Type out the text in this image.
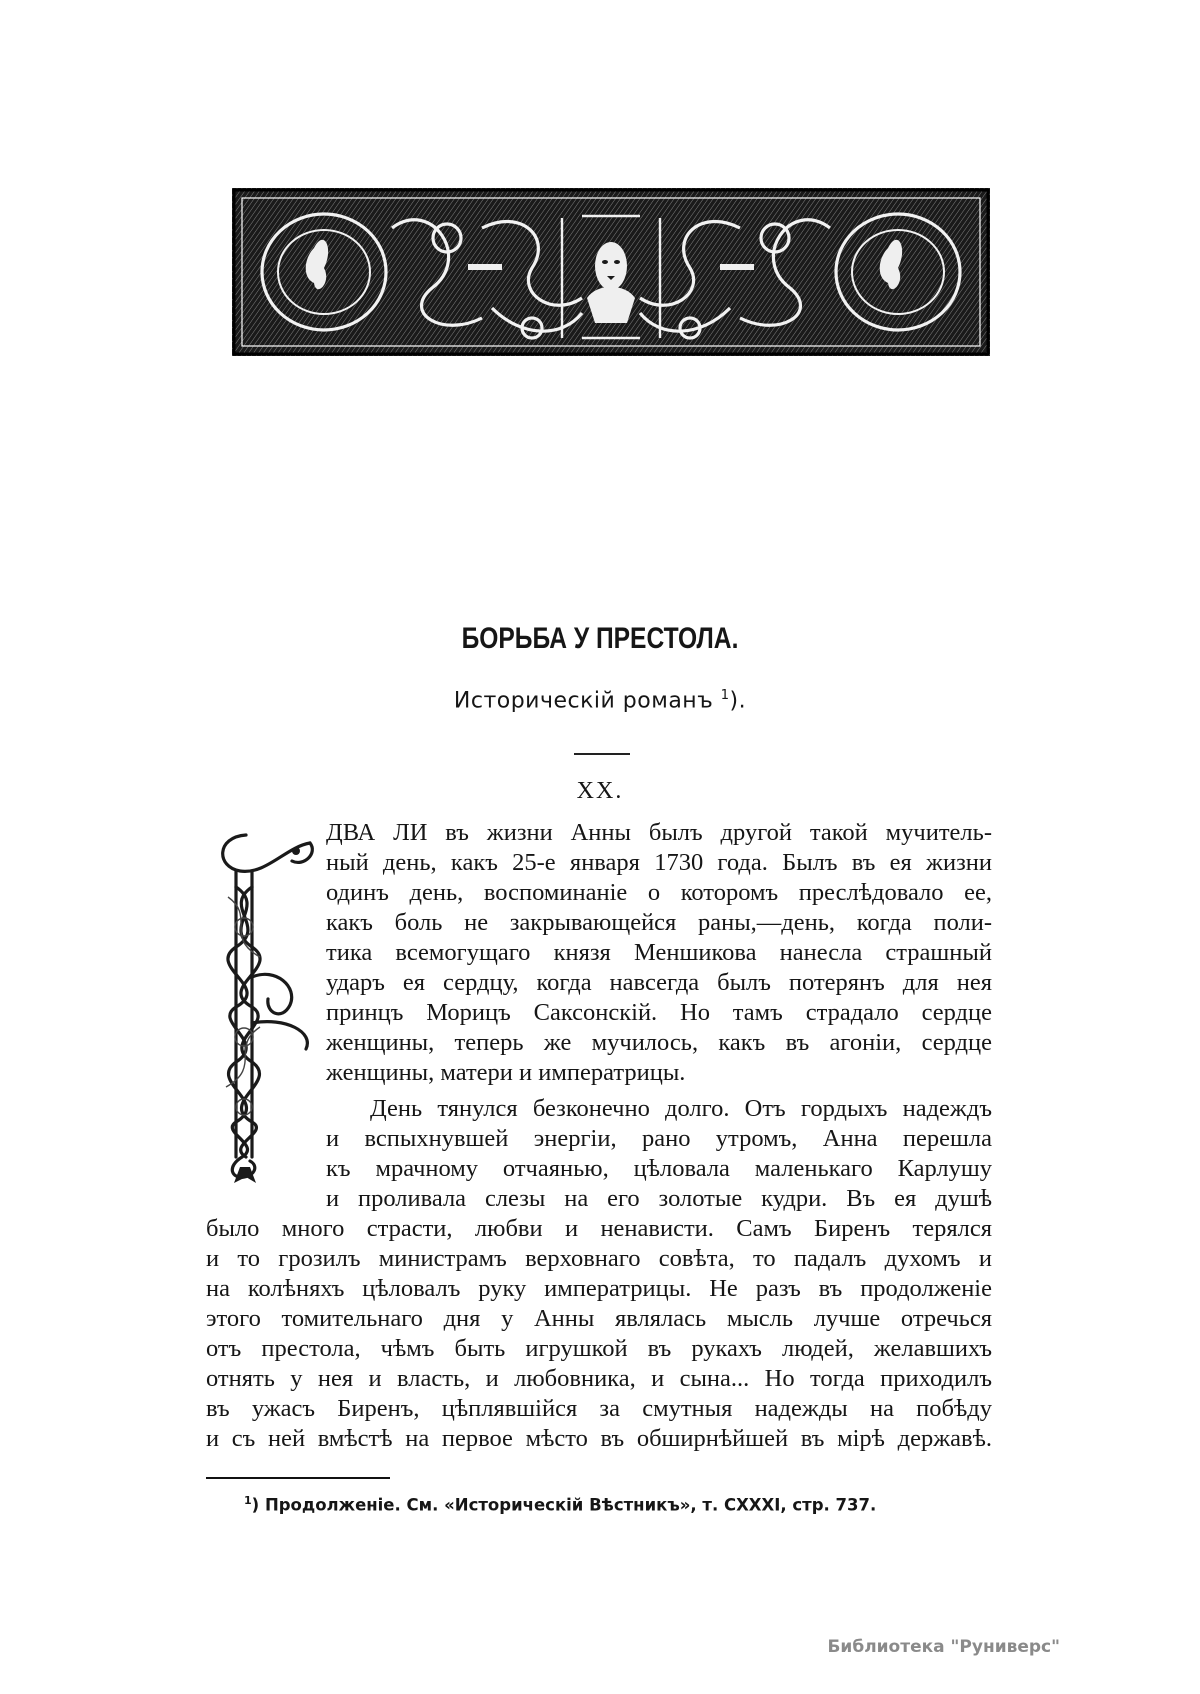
БОРЬБА У ПРЕСТОЛА.
Историческій романъ $^1$).
XX.
ДВА ЛИ въ жизни Анны былъ другой такой мучитель-
ный день, какъ 25-е января 1730 года. Былъ въ ея жизни
одинъ день, воспоминаніе о которомъ преслѣдовало ее,
какъ боль не закрывающейся раны,—день, когда поли-
тика всемогущаго князя Меншикова нанесла страшный
ударъ ея сердцу, когда навсегда былъ потерянъ для нея
принцъ Морицъ Саксонскій. Но тамъ страдало сердце
женщины, теперь же мучилось, какъ въ агоніи, сердце
женщины, матери и императрицы.
День тянулся безконечно долго. Отъ гордыхъ надеждъ
и вспыхнувшей энергіи, рано утромъ, Анна перешла
къ мрачному отчаянью, цѣловала маленькаго Карлушу
и проливала слезы на его золотые кудри. Въ ея душѣ
было много страсти, любви и ненависти. Самъ Биренъ терялся
и то грозилъ министрамъ верховнаго совѣта, то падалъ духомъ и
на колѣняхъ цѣловалъ руку императрицы. Не разъ въ продолженіе
этого томительнаго дня у Анны являлась мысль лучше отречься
отъ престола, чѣмъ быть игрушкой въ рукахъ людей, желавшихъ
отнять у нея и власть, и любовника, и сына... Но тогда приходилъ
въ ужасъ Биренъ, цѣплявшійся за смутныя надежды на побѣду
и съ ней вмѣстѣ на первое мѣсто въ обширнѣйшей въ мірѣ державѣ.
$^1$) Продолженіе. См. «Историческій Вѣстникъ», т. CXXXI, стр. 737.
Библиотека "Руниверс"
